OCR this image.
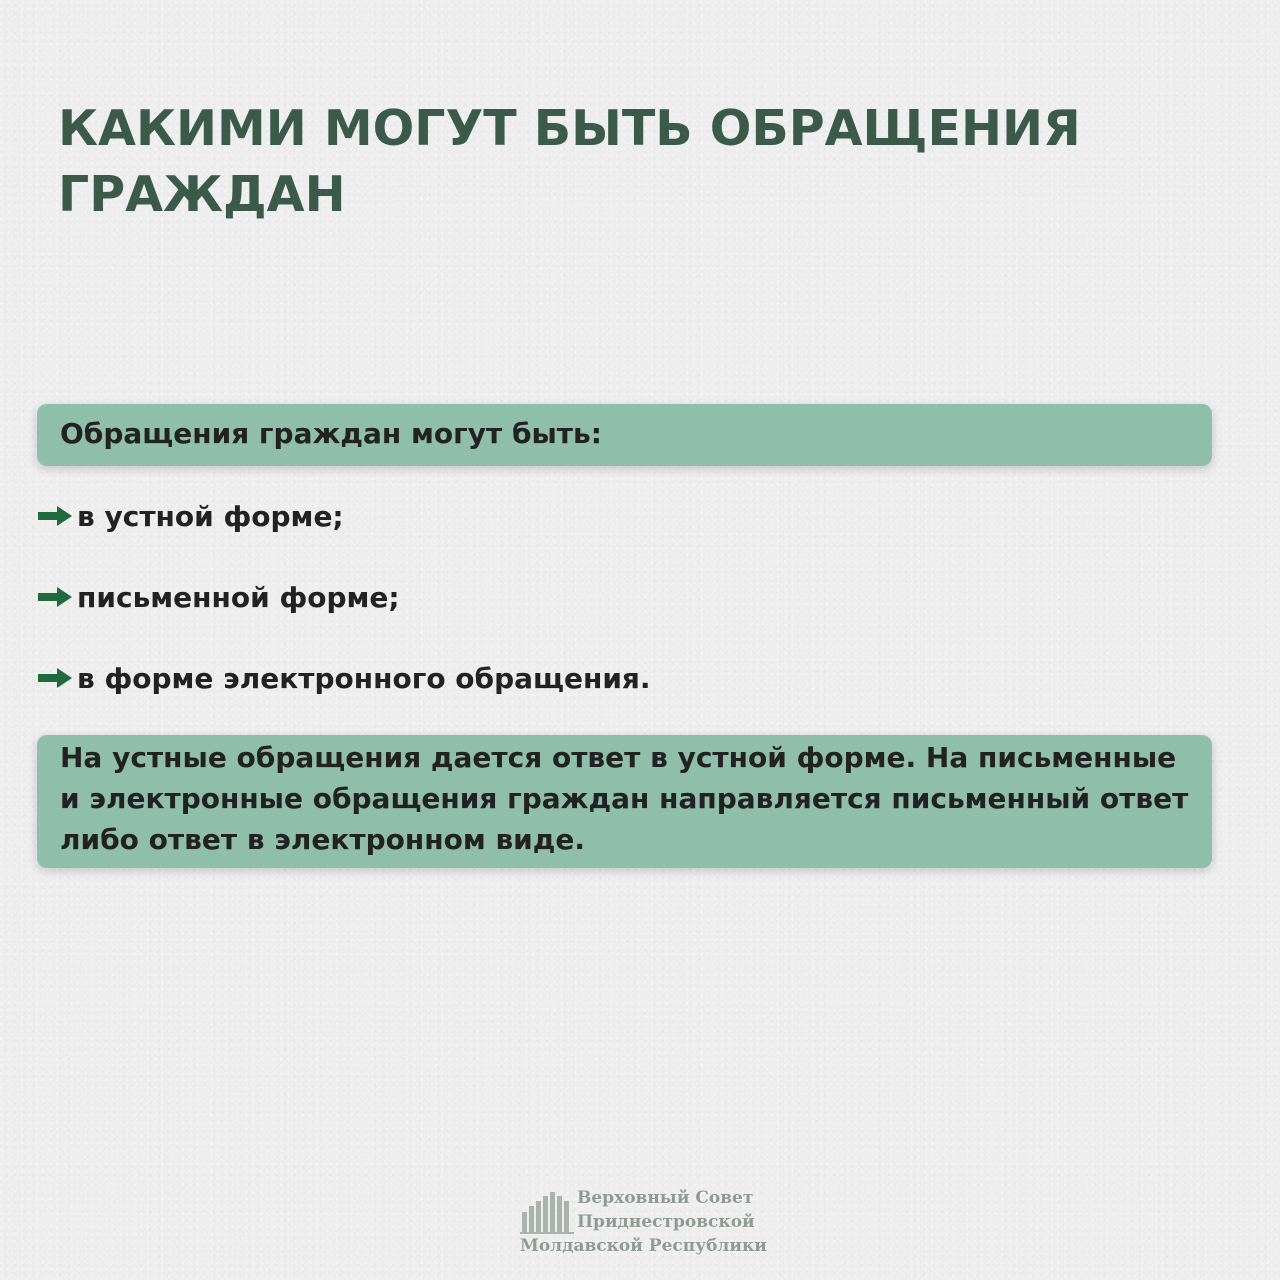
КАКИМИ МОГУТ БЫТЬ ОБРАЩЕНИЯ ГРАЖДАН
Обращения граждан могут быть:
в устной форме;
письменной форме;
в форме электронного обращения.
На устные обращения дается ответ в устной форме. На письменные и электронные обращения граждан направляется письменный ответ либо ответ в электронном виде.
Верховный Совет
Приднестровской
Молдавской Республики
